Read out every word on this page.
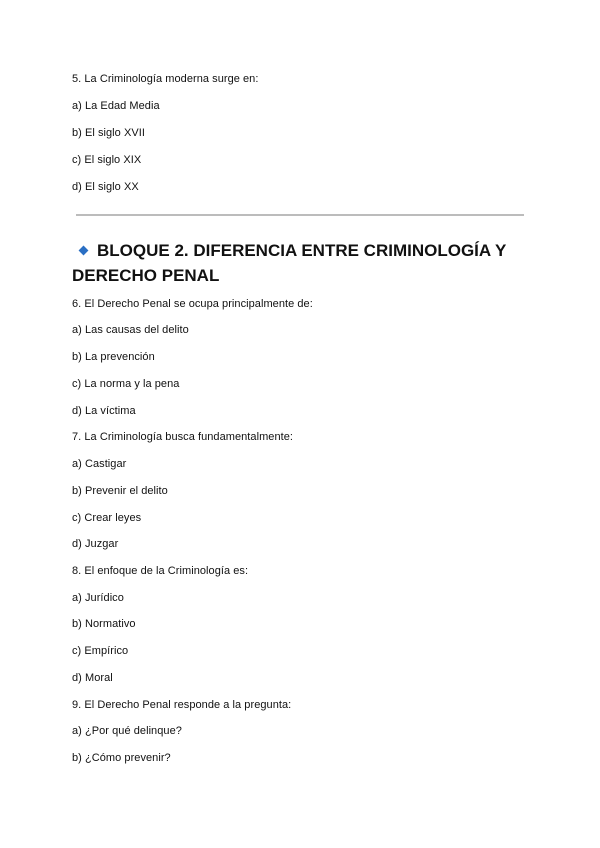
5. La Criminología moderna surge en:
a) La Edad Media
b) El siglo XVII
c) El siglo XIX
d) El siglo XX
BLOQUE 2. DIFERENCIA ENTRE CRIMINOLOGÍA Y DERECHO PENAL
6. El Derecho Penal se ocupa principalmente de:
a) Las causas del delito
b) La prevención
c) La norma y la pena
d) La víctima
7. La Criminología busca fundamentalmente:
a) Castigar
b) Prevenir el delito
c) Crear leyes
d) Juzgar
8. El enfoque de la Criminología es:
a) Jurídico
b) Normativo
c) Empírico
d) Moral
9. El Derecho Penal responde a la pregunta:
a) ¿Por qué delinque?
b) ¿Cómo prevenir?
